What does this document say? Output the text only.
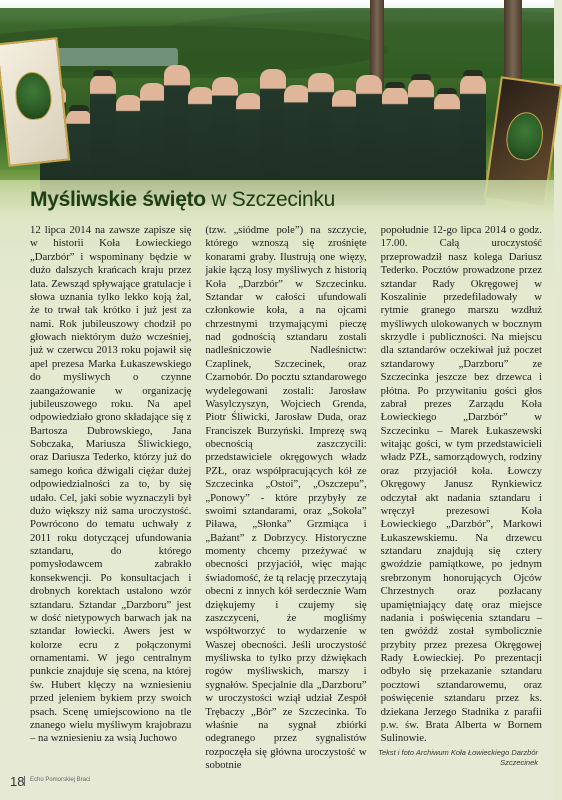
Myśliwskie święto w Szczecinku

12 lipca 2014 na zawsze zapisze się w historii Koła Łowieckiego „Darzbór” i wspominany będzie w dużo dalszych krańcach kraju przez lata. Zewsząd spływające gratulacje i słowa uznania tylko lekko koją żal, że to trwał tak krótko i już jest za nami. Rok jubileuszowy chodził po głowach niektórym dużo wcześniej, już w czerwcu 2013 roku pojawił się apel prezesa Marka Łukaszewskiego do myśliwych o czynne zaangażowanie w organizację jubileuszowego roku. Na apel odpowiedziało grono składające się z Bartosza Dubrowskiego, Jana Sobczaka, Mariusza Śliwickiego, oraz Dariusza Tederko, którzy już do samego końca dźwigali ciężar dużej odpowiedzialności za to, by się udało. Cel, jaki sobie wyznaczyli był dużo większy niż sama uroczystość. Powrócono do tematu uchwały z 2011 roku dotyczącej ufundowania sztandaru, do którego pomysłodawcem zabrakło konsekwencji. Po konsultacjach i drobnych korektach ustalono wzór sztandaru. Sztandar „Darzboru” jest w dość nietypowych barwach jak na sztandar łowiecki. Awers jest w kolorze ecru z połączonymi ornamentami. W jego centralnym punkcie znajduje się scena, na której św. Hubert klęczy na wzniesieniu przed jeleniem bykiem przy swoich psach. Scenę umiejscowiono na tle znanego wielu myśliwym krajobrazu – na wzniesieniu za wsią Juchowo

(tzw. „siódme pole”) na szczycie, którego wznoszą się zrośnięte konarami graby. Ilustrują one więzy, jakie łączą losy myśliwych z historią Koła „Darzbór” w Szczecinku. Sztandar w całości ufundowali członkowie koła, a na ojcami chrzestnymi trzymającymi pieczę nad godnością sztandaru zostali nadleśniczowie Nadleśnictw: Czaplinek, Szczecinek, oraz Czarnobór. Do pocztu sztandarowego wydelegowani zostali: Jarosław Wasylczyszyn, Wojciech Grenda, Piotr Śliwicki, Jarosław Duda, oraz Franciszek Burzyński. Imprezę swą obecnością zaszczycili: przedstawiciele okręgowych władz PZŁ, oraz współpracujących kół ze Szczecinka „Ostoi”, „Oszczepu”, „Ponowy” - które przybyły ze swoimi sztandarami, oraz „Sokoła” Piława, „Słonka” Grzmiąca i „Bażant” z Dobrzycy. Historyczne momenty chcemy przeżywać w obecności przyjaciół, więc mając świadomość, że tą relację przeczytają obecni z innych kół serdecznie Wam dziękujemy i czujemy się zaszczyceni, że mogliśmy współtworzyć to wydarzenie w Waszej obecności. Jeśli uroczystość myśliwska to tylko przy dźwiękach rogów myśliwskich, marszy i sygnałów. Specjalnie dla „Darzboru” w uroczystości wziął udział Zespół Trębaczy „Bór” ze Szczecinka. To właśnie na sygnał zbiórki odegranego przez sygnalistów rozpoczęła się główna uroczystość w sobotnie

popołudnie 12-go lipca 2014 o godz. 17.00. Całą uroczystość przeprowadził nasz kolega Dariusz Tederko. Pocztów prowadzone przez sztandar Rady Okręgowej w Koszalinie przedefiladowały w rytmie granego marszu wzdłuż myśliwych ulokowanych w bocznym skrzydle i publiczności. Na miejscu dla sztandarów oczekiwał już poczet sztandarowy „Darzboru” ze Szczecinka jeszcze bez drzewca i płótna. Po przywitaniu gości głos zabrał prezes Zarządu Koła Łowieckiego „Darzbór” w Szczecinku – Marek Łukaszewski witając gości, w tym przedstawicieli władz PZŁ, samorządowych, rodziny oraz przyjaciół koła. Łowczy Okręgowy Janusz Rynkiewicz odczytał akt nadania sztandaru i wręczył prezesowi Koła Łowieckiego „Darzbór”, Markowi Łukaszewskiemu. Na drzewcu sztandaru znajdują się cztery gwoździe pamiątkowe, po jednym srebrzonym honorujących Ojców Chrzestnych oraz pozłacany upamiętniający datę oraz miejsce nadania i poświęcenia sztandaru – ten gwóźdź został symbolicznie przybity przez prezesa Okręgowej Rady Łowieckiej. Po prezentacji odbyło się przekazanie sztandaru pocztowi sztandarowemu, oraz poświęcenie sztandaru przez ks. dziekana Jerzego Stadnika z parafii p.w. św. Brata Alberta w Bornem Sulinowie.

Tekst i foto Archiwum Koła Łowieckiego Darzbór Szczecinek
18 Echo Pomorskiej Braci
